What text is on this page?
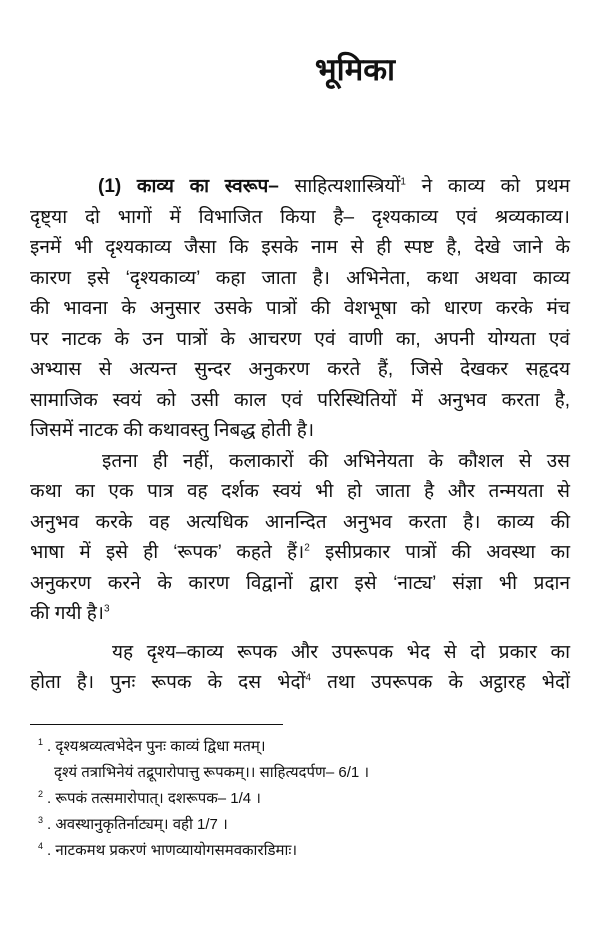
भूमिका
(1) काव्य का स्वरूप– साहित्यशास्त्रियों$^1$ ने काव्य को प्रथम
दृष्ट्या दो भागों में विभाजित किया है– दृश्यकाव्य एवं श्रव्यकाव्य।
इनमें भी दृश्यकाव्य जैसा कि इसके नाम से ही स्पष्ट है, देखे जाने के
कारण इसे ‘दृश्यकाव्य’ कहा जाता है। अभिनेता, कथा अथवा काव्य
की भावना के अनुसार उसके पात्रों की वेशभूषा को धारण करके मंच
पर नाटक के उन पात्रों के आचरण एवं वाणी का, अपनी योग्यता एवं
अभ्यास से अत्यन्त सुन्दर अनुकरण करते हैं, जिसे देखकर सहृदय
सामाजिक स्वयं को उसी काल एवं परिस्थितियों में अनुभव करता है,
जिसमें नाटक की कथावस्तु निबद्ध होती है।
इतना ही नहीं, कलाकारों की अभिनेयता के कौशल से उस
कथा का एक पात्र वह दर्शक स्वयं भी हो जाता है और तन्मयता से
अनुभव करके वह अत्यधिक आनन्दित अनुभव करता है। काव्य की
भाषा में इसे ही ‘रूपक’ कहते हैं।$^2$ इसीप्रकार पात्रों की अवस्था का
अनुकरण करने के कारण विद्वानों द्वारा इसे ‘नाट्य’ संज्ञा भी प्रदान
की गयी है।$^3$
यह दृश्य–काव्य रूपक और उपरूपक भेद से दो प्रकार का
होता है। पुनः रूपक के दस भेदों$^4$ तथा उपरूपक के अट्ठारह भेदों
$^1$ . दृश्यश्रव्यत्वभेदेन पुनः काव्यं द्विधा मतम्।
दृश्यं तत्राभिनेयं तद्रूपारोपात्तु रूपकम्।। साहित्यदर्पण– 6/1 ।
$^2$ . रूपकं तत्समारोपात्। दशरूपक– 1/4 ।
$^3$ . अवस्थानुकृतिर्नाट्यम्। वही 1/7 ।
$^4$ . नाटकमथ प्रकरणं भाणव्यायोगसमवकारडिमाः।
